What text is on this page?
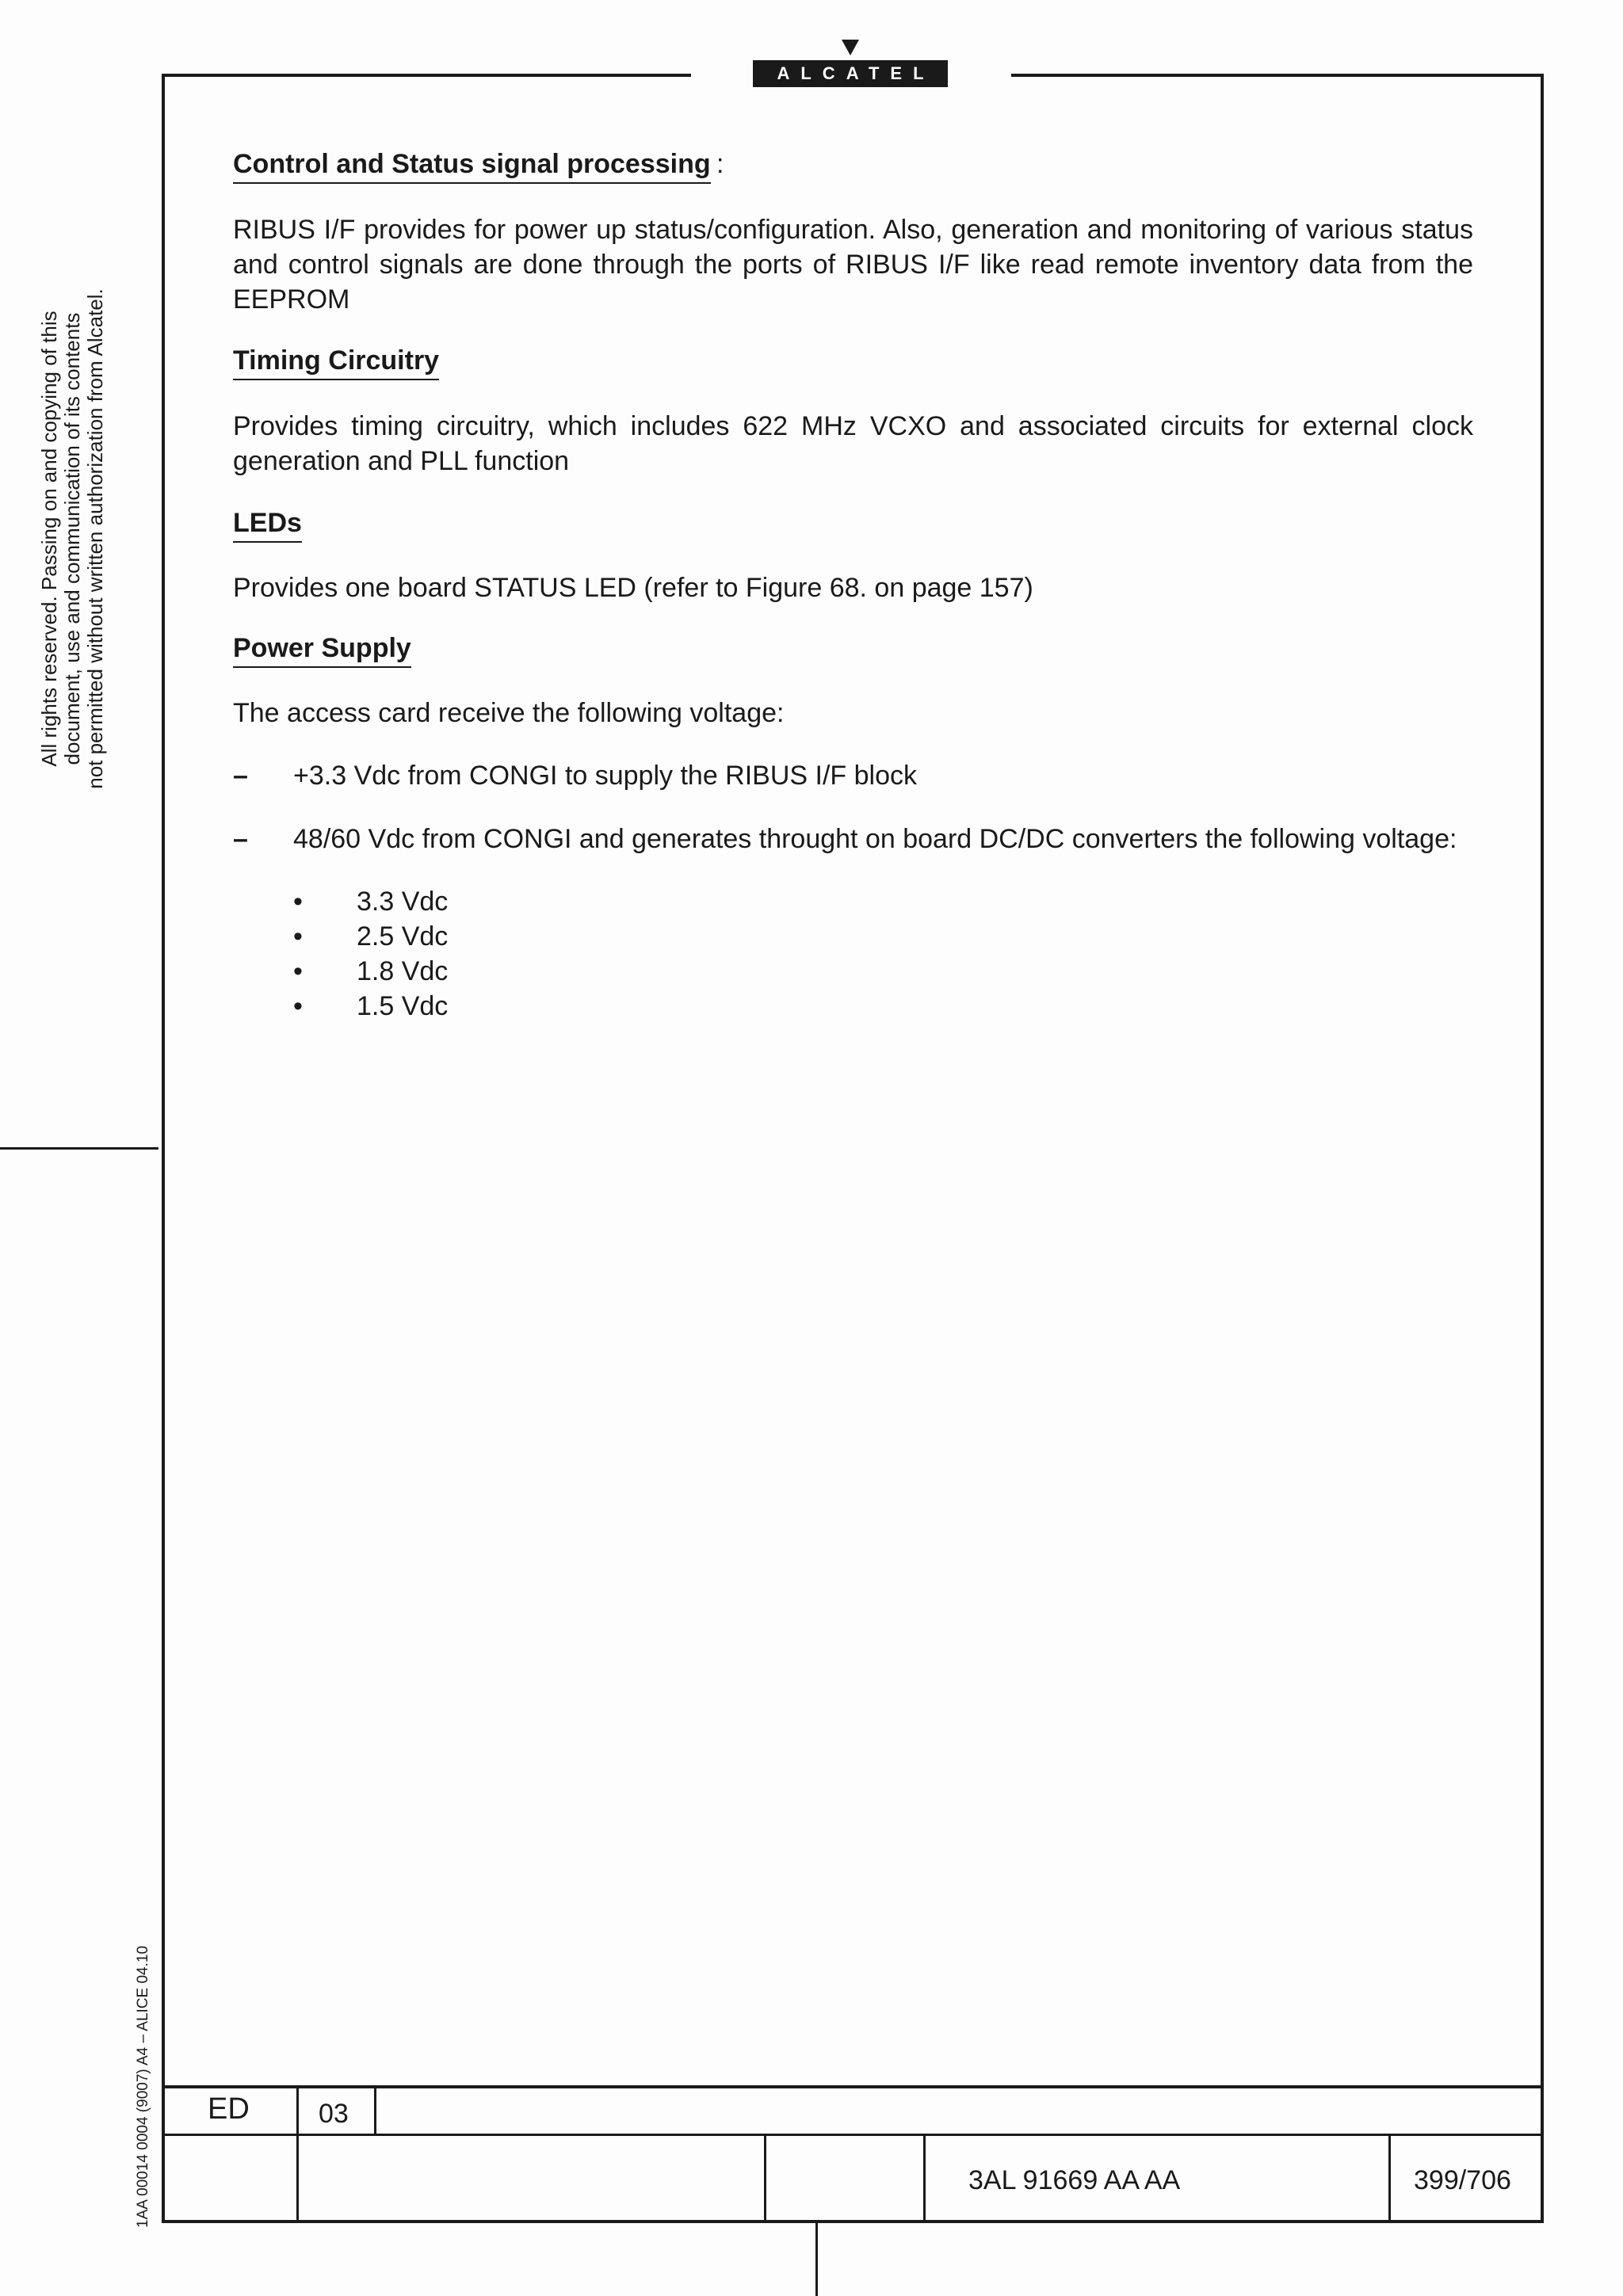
ALCATEL
All rights reserved. Passing on and copying of this document, use and communication of its contents not permitted without written authorization from Alcatel.
1AA 00014 0004 (9007) A4 – ALICE 04.10
Control and Status signal processing :
RIBUS I/F provides for power up status/configuration. Also, generation and monitoring of various status and control signals are done through the ports of RIBUS I/F like read remote inventory data from the EEPROM
Timing Circuitry
Provides timing circuitry, which includes 622 MHz VCXO and associated circuits for external clock generation and PLL function
LEDs
Provides one board STATUS LED (refer to Figure 68. on page 157)
Power Supply
The access card receive the following voltage:
– +3.3 Vdc from CONGI to supply the RIBUS I/F block
– 48/60 Vdc from CONGI and generates throught on board DC/DC converters the following voltage:
• 3.3 Vdc
• 2.5 Vdc
• 1.8 Vdc
• 1.5 Vdc
ED	03
3AL 91669 AA AA	399/706
